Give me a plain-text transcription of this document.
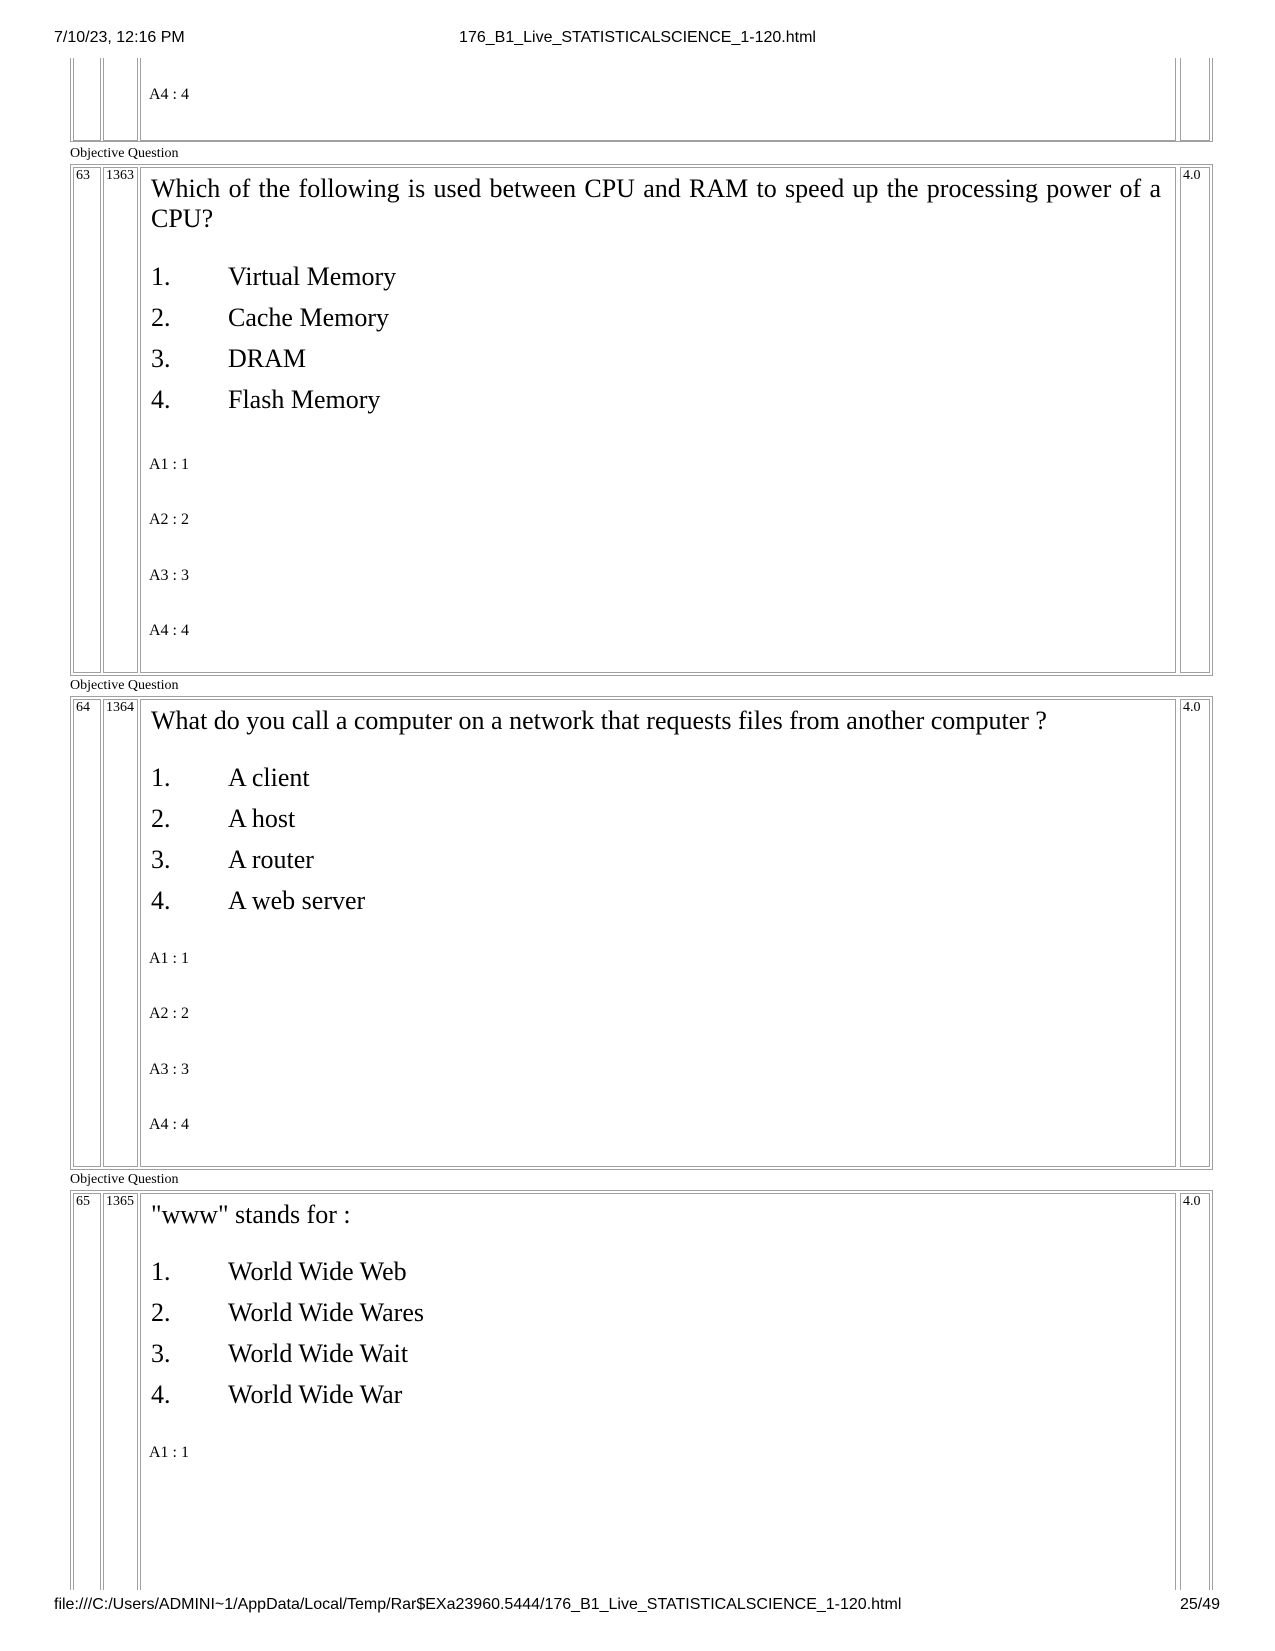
7/10/23, 12:16 PM	176_B1_Live_STATISTICALSCIENCE_1-120.html
A4 : 4
Objective Question
63	1363 Which of the following is used between CPU and RAM to speed up the processing power of a CPU?
1. Virtual Memory
2. Cache Memory
3. DRAM
4. Flash Memory
A1 : 1
A2 : 2
A3 : 3
A4 : 4
4.0
Objective Question
64	1364 What do you call a computer on a network that requests files from another computer ?
1. A client
2. A host
3. A router
4. A web server
A1 : 1
A2 : 2
A3 : 3
A4 : 4
4.0
Objective Question
65	1365 "www" stands for :
1. World Wide Web
2. World Wide Wares
3. World Wide Wait
4. World Wide War
A1 : 1
4.0
file:///C:/Users/ADMINI~1/AppData/Local/Temp/Rar$EXa23960.5444/176_B1_Live_STATISTICALSCIENCE_1-120.html	25/49
